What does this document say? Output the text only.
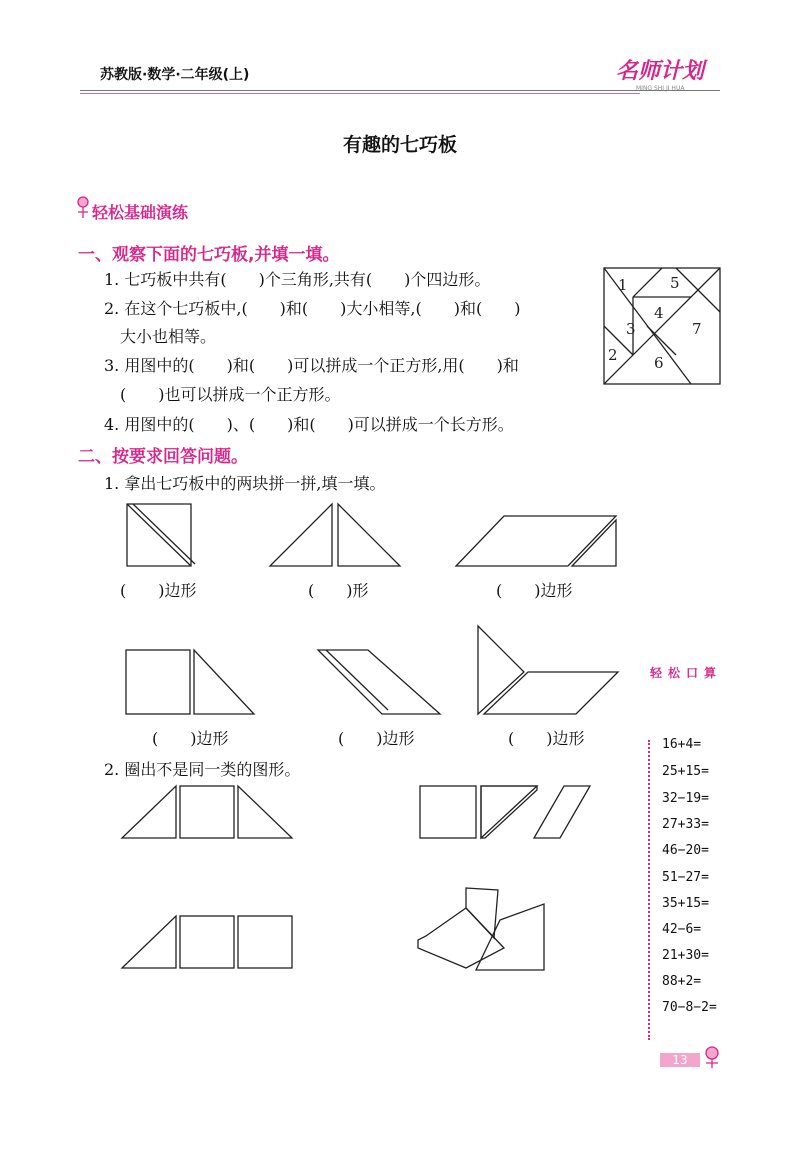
苏教版·数学·二年级(上)	名师计划
MING SHI JI HUA
有趣的七巧板
轻松基础演练
一、观察下面的七巧板,并填一填。
1. 七巧板中共有(　　)个三角形,共有(　　)个四边形。
2. 在这个七巧板中,(　　)和(　　)大小相等,(　　)和(　　)
大小也相等。
3. 用图中的(　　)和(　　)可以拼成一个正方形,用(　　)和
(　　)也可以拼成一个正方形。
4. 用图中的(　　)、(　　)和(　　)可以拼成一个长方形。
1	5
4
3	7
2 6
二、按要求回答问题。
1. 拿出七巧板中的两块拼一拼,填一填。
(　　)边形	(　　)形	(　　)边形
(　　)边形	(　　)边形	(　　)边形
2. 圈出不是同一类的图形。
轻松口算
16+4=
25+15=
32−19=
27+33=
46−20=
51−27=
35+15=
42−6=
21+30=
88+2=
70−8−2=
13
